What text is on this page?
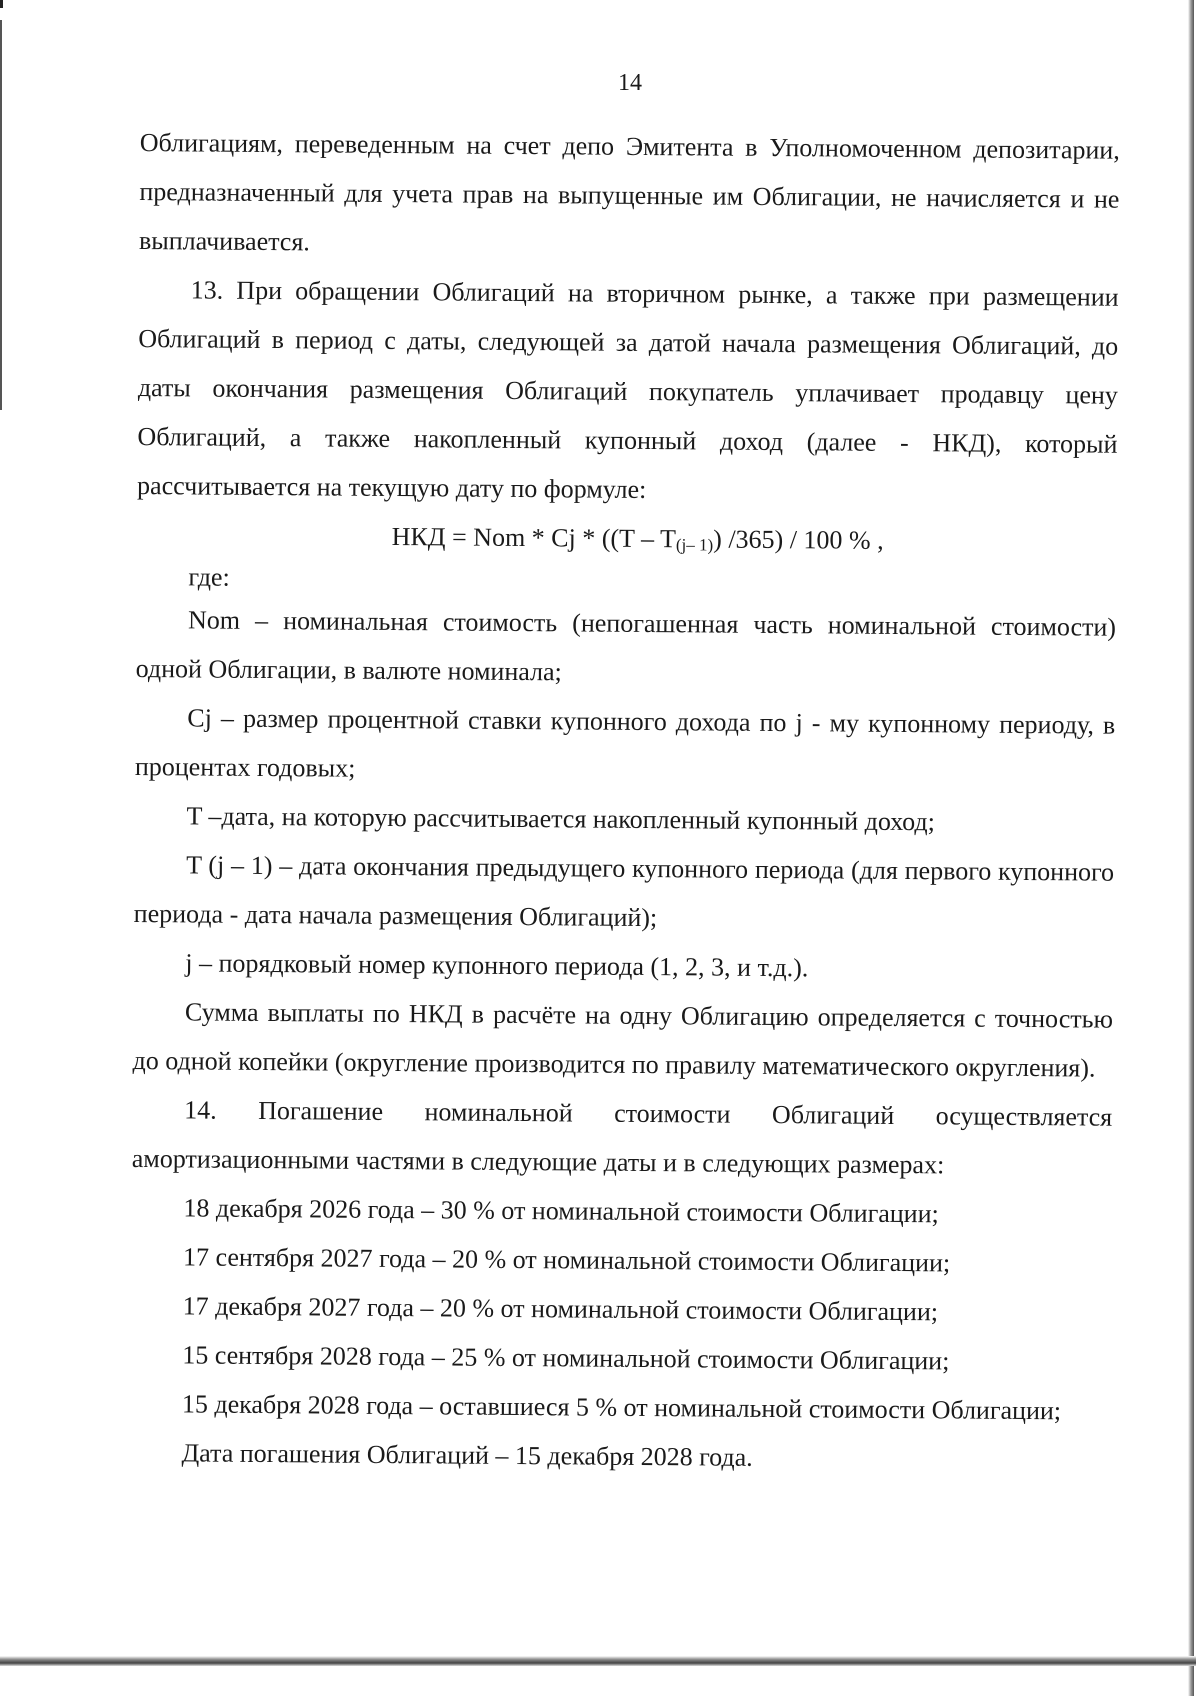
14

Облигациям, переведенным на счет депо Эмитента в Уполномоченном депозитарии, предназначенный для учета прав на выпущенные им Облигации, не начисляется и не выплачивается.

13. При обращении Облигаций на вторичном рынке, а также при размещении Облигаций в период с даты, следующей за датой начала размещения Облигаций, до даты окончания размещения Облигаций покупатель уплачивает продавцу цену Облигаций, а также накопленный купонный доход (далее - НКД), который рассчитывается на текущую дату по формуле:

НКД = Nom * Cj * ($(T - T_{(j- 1)})$ /365) / 100 % ,

где:

Nom – номинальная стоимость (непогашенная часть номинальной стоимости) одной Облигации, в валюте номинала;

Cj – размер процентной ставки купонного дохода по j - му купонному периоду, в процентах годовых;

T –дата, на которую рассчитывается накопленный купонный доход;

T (j – 1) – дата окончания предыдущего купонного периода (для первого купонного периода - дата начала размещения Облигаций);

j – порядковый номер купонного периода (1, 2, 3, и т.д.).

Сумма выплаты по НКД в расчёте на одну Облигацию определяется с точностью до одной копейки (округление производится по правилу математического округления).

14. Погашение номинальной стоимости Облигаций осуществляется амортизационными частями в следующие даты и в следующих размерах:

18 декабря 2026 года – 30 % от номинальной стоимости Облигации;

17 сентября 2027 года – 20 % от номинальной стоимости Облигации;

17 декабря 2027 года – 20 % от номинальной стоимости Облигации;

15 сентября 2028 года – 25 % от номинальной стоимости Облигации;

15 декабря 2028 года – оставшиеся 5 % от номинальной стоимости Облигации;

Дата погашения Облигаций – 15 декабря 2028 года.
